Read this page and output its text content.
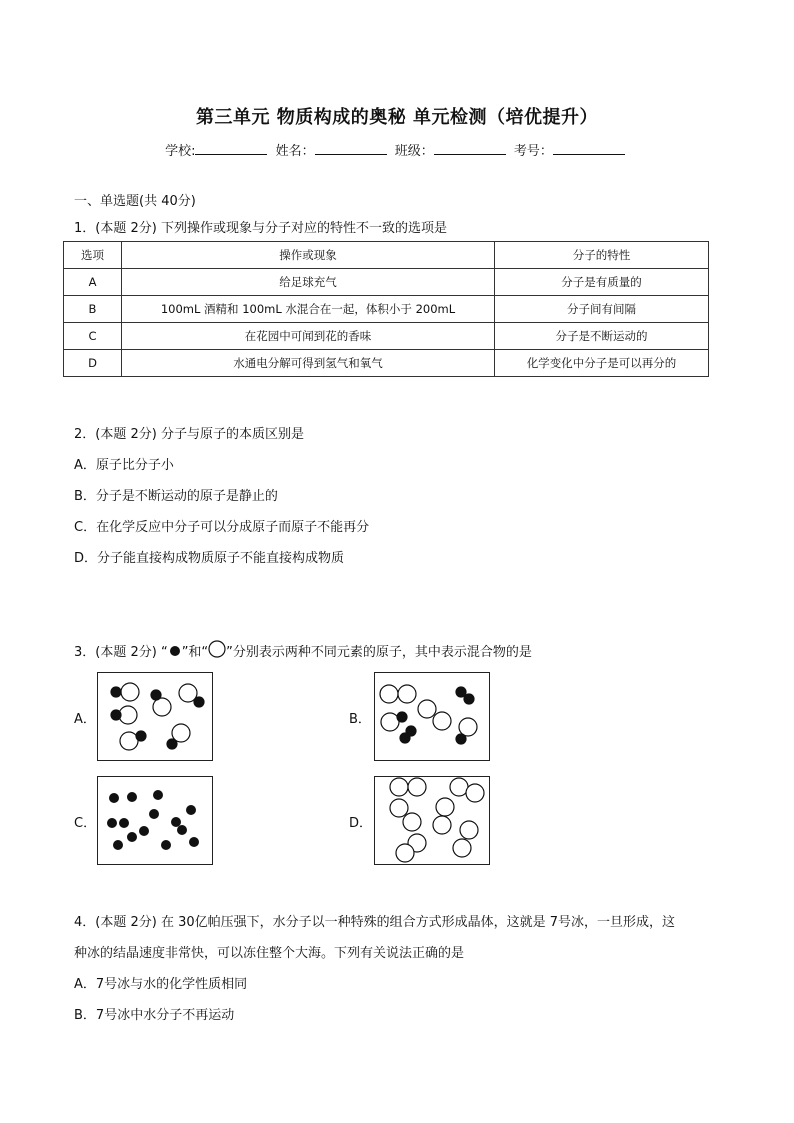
第三单元 物质构成的奥秘 单元检测（培优提升）
学校:	姓名：	班级：	考号：
一、单选题(共 40分)
1．(本题 2分) 下列操作或现象与分子对应的特性不一致的选项是
选项	操作或现象	分子的特性
A	给足球充气	分子是有质量的
B	100mL 酒精和 100mL 水混合在一起，体积小于 200mL	分子间有间隔
C	在花园中可闻到花的香味	分子是不断运动的
D	水通电分解可得到氢气和氧气	化学变化中分子是可以再分的
2．(本题 2分) 分子与原子的本质区别是
A．原子比分子小
B．分子是不断运动的原子是静止的
C．在化学反应中分子可以分成原子而原子不能再分
D．分子能直接构成物质原子不能直接构成物质
3．(本题 2分) “ ”和“ ”分别表示两种不同元素的原子，其中表示混合物的是
A．	B．
C．	D．
4．(本题 2分) 在 30亿帕压强下，水分子以一种特殊的组合方式形成晶体，这就是 7号冰，一旦形成，这
种冰的结晶速度非常快，可以冻住整个大海。下列有关说法正确的是
A．7号冰与水的化学性质相同
B．7号冰中水分子不再运动
